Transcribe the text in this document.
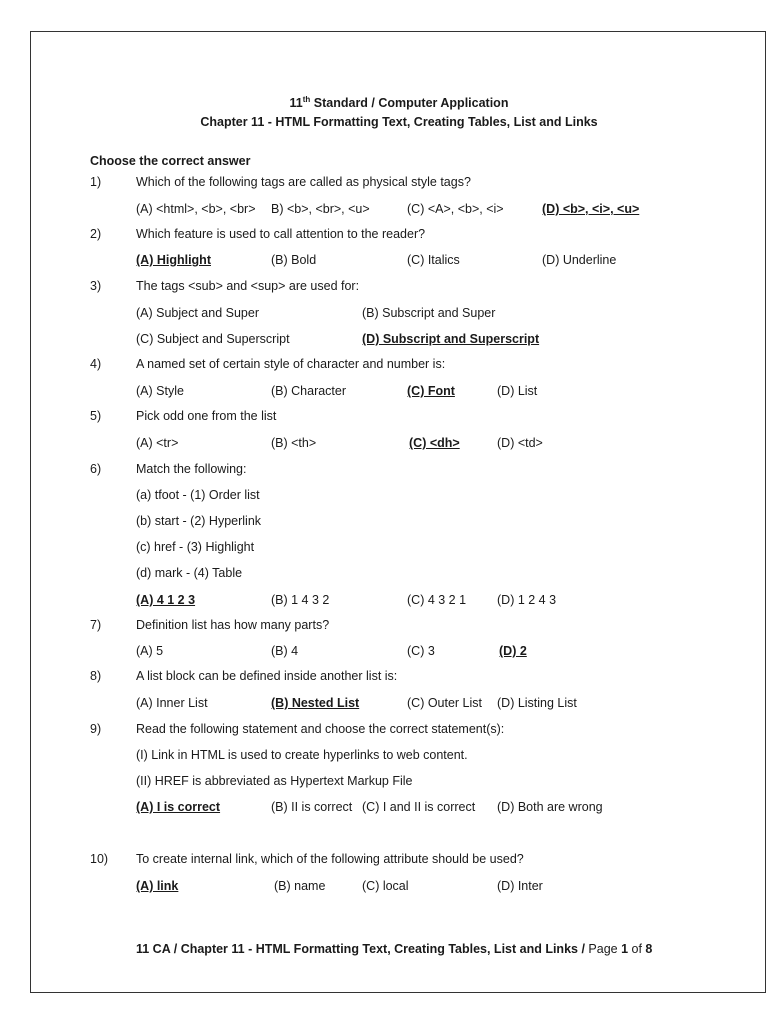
11th Standard / Computer Application
Chapter 11 - HTML Formatting Text, Creating Tables, List and Links
Choose the correct answer
1)	Which of the following tags are called as physical style tags?
(A) <html>, <b>, <br> B) <b>, <br>, <u>	(C) <A>, <b>, <i>	(D) <b>, <i>, <u>
2)	Which feature is used to call attention to the reader?
(A) Highlight	(B) Bold	(C) Italics	(D) Underline
3)	The tags <sub> and <sup> are used for:
(A) Subject and Super	(B) Subscript and Super
(C) Subject and Superscript	(D) Subscript and Superscript
4)	A named set of certain style of character and number is:
(A) Style	(B) Character	(C) Font	(D) List
5)	Pick odd one from the list
(A) <tr>	(B) <th>	(C) <dh>	(D) <td>
6)	Match the following:
(a) tfoot - (1) Order list
(b) start - (2) Hyperlink
(c) href - (3) Highlight
(d) mark - (4) Table
(A) 4 1 2 3	(B) 1 4 3 2	(C) 4 3 2 1 (D) 1 2 4 3
7)	Definition list has how many parts?
(A) 5	(B) 4	(C) 3	(D) 2
8)	A list block can be defined inside another list is:
(A) Inner List	(B) Nested List	(C) Outer List (D) Listing List
9)	Read the following statement and choose the correct statement(s):
(I) Link in HTML is used to create hyperlinks to web content.
(II) HREF is abbreviated as Hypertext Markup File
(A) I is correct	(B) II is correct (C) I and II is correct (D) Both are wrong
10) To create internal link, which of the following attribute should be used?
(A) link	(B) name	(C) local	(D) Inter
11 CA / Chapter 11 - HTML Formatting Text, Creating Tables, List and Links / Page 1 of 8
